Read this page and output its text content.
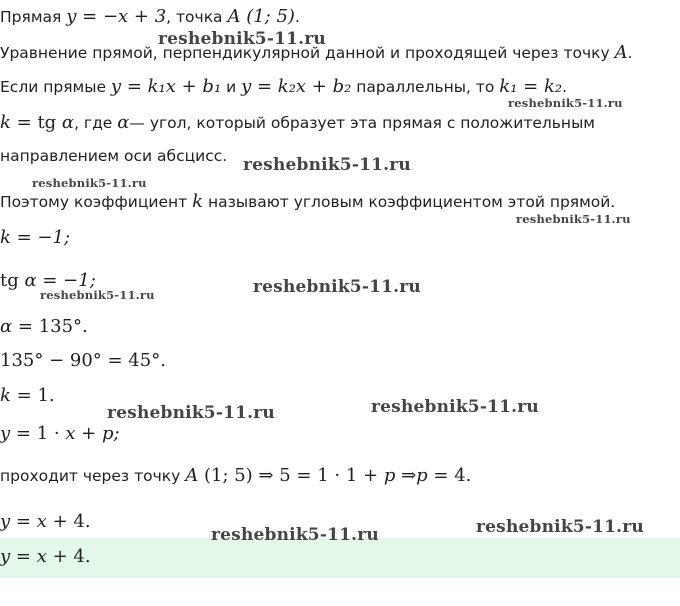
Прямая y = −x + 3, точка A (1; 5).
Уравнение прямой, перпендикулярной данной и проходящей через точку A.
Если прямые y = k₁x + b₁ и y = k₂x + b₂ параллельны, то k₁ = k₂.
k = tg α, где α— угол, который образует эта прямая с положительным
направлением оси абсцисс.
Поэтому коэффициент k называют угловым коэффициентом этой прямой.
k = −1;
tg α = −1;
α = 135°.
135° − 90° = 45°.
k = 1.
y = 1 · x + p;
проходит через точку A (1; 5) ⇒ 5 = 1 · 1 + p ⇒p = 4.
y = x + 4.
y = x + 4.
reshebnik5-11.ru
reshebnik5-11.ru
reshebnik5-11.ru
reshebnik5-11.ru
reshebnik5-11.ru
reshebnik5-11.ru	reshebnik5-11.ru
reshebnik5-11.ru	reshebnik5-11.ru
reshebnik5-11.ru
reshebnik5-11.ru
